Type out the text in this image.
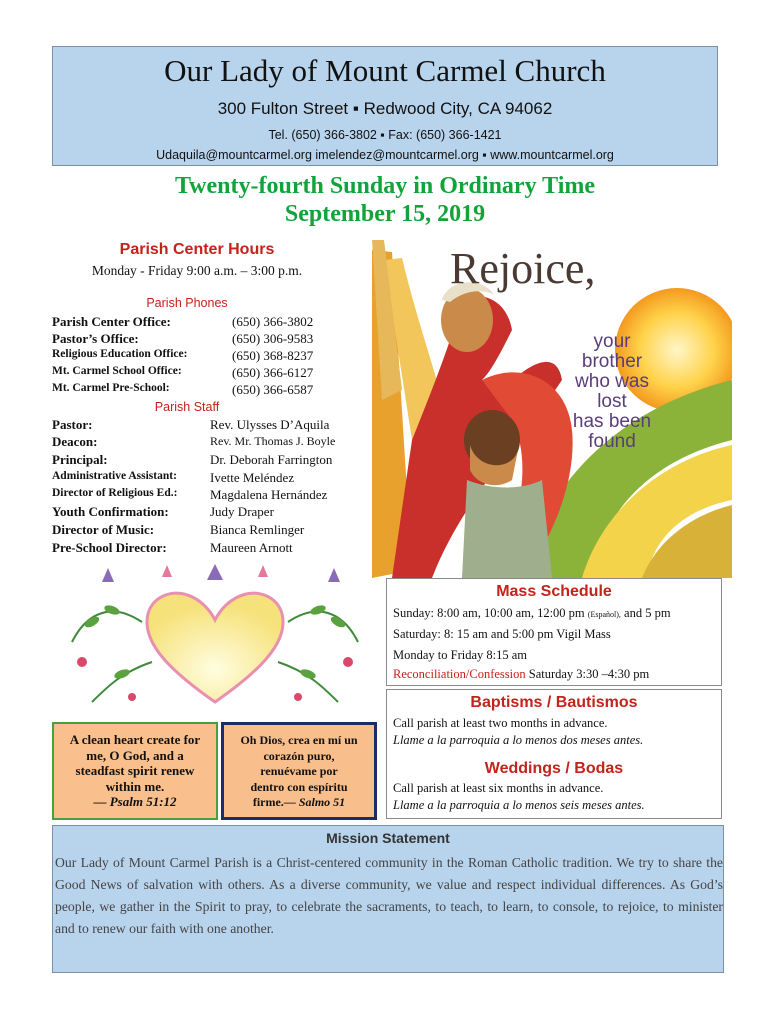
Our Lady of Mount Carmel Church
300 Fulton Street ▪ Redwood City, CA 94062
Tel. (650) 366-3802 ▪ Fax: (650) 366-1421
Udaquila@mountcarmel.org imelendez@mountcarmel.org ▪ www.mountcarmel.org
Twenty-fourth Sunday in Ordinary Time
September 15, 2019
Parish Center Hours
Monday - Friday 9:00 a.m. – 3:00 p.m.
Parish Phones
Parish Center Office:	(650) 366-3802
Pastor’s Office:	(650) 306-9583
Religious Education Office:	(650) 368-8237
Mt. Carmel School Office:	(650) 366-6127
Mt. Carmel Pre-School:	(650) 366-6587
Parish Staff
Pastor:	Rev. Ulysses D’Aquila
Deacon:	Rev. Mr. Thomas J. Boyle
Principal:	Dr. Deborah Farrington
Administrative Assistant:	Ivette Meléndez
Director of Religious Ed.:	Magdalena Hernández
Youth Confirmation:	Judy Draper
Director of Music:	Bianca Remlinger
Pre-School Director:	Maureen Arnott
Rejoice,
your
brother
who was
lost
has been
found
A clean heart create for
me, O God, and a
steadfast spirit renew
within me.
— Psalm 51:12
Oh Dios, crea en mí un
corazón puro,
renuévame por
dentro con espíritu
firme.— Salmo 51
Mass Schedule
Sunday: 8:00 am, 10:00 am, 12:00 pm (Español), and 5 pm
Saturday: 8: 15 am and 5:00 pm Vigil Mass
Monday to Friday 8:15 am
Reconciliation/Confession Saturday 3:30 –4:30 pm
Baptisms / Bautismos
Call parish at least two months in advance.
Llame a la parroquia a lo menos dos meses antes.
Weddings / Bodas
Call parish at least six months in advance.
Llame a la parroquia a lo menos seis meses antes.
Mission Statement
Our Lady of Mount Carmel Parish is a Christ-centered community in the Roman Catholic tradition. We try to share the Good News of salvation with others. As a diverse community, we value and respect individual differences. As God’s people, we gather in the Spirit to pray, to celebrate the sacraments, to teach, to learn, to console, to rejoice, to minister and to renew our faith with one another.
